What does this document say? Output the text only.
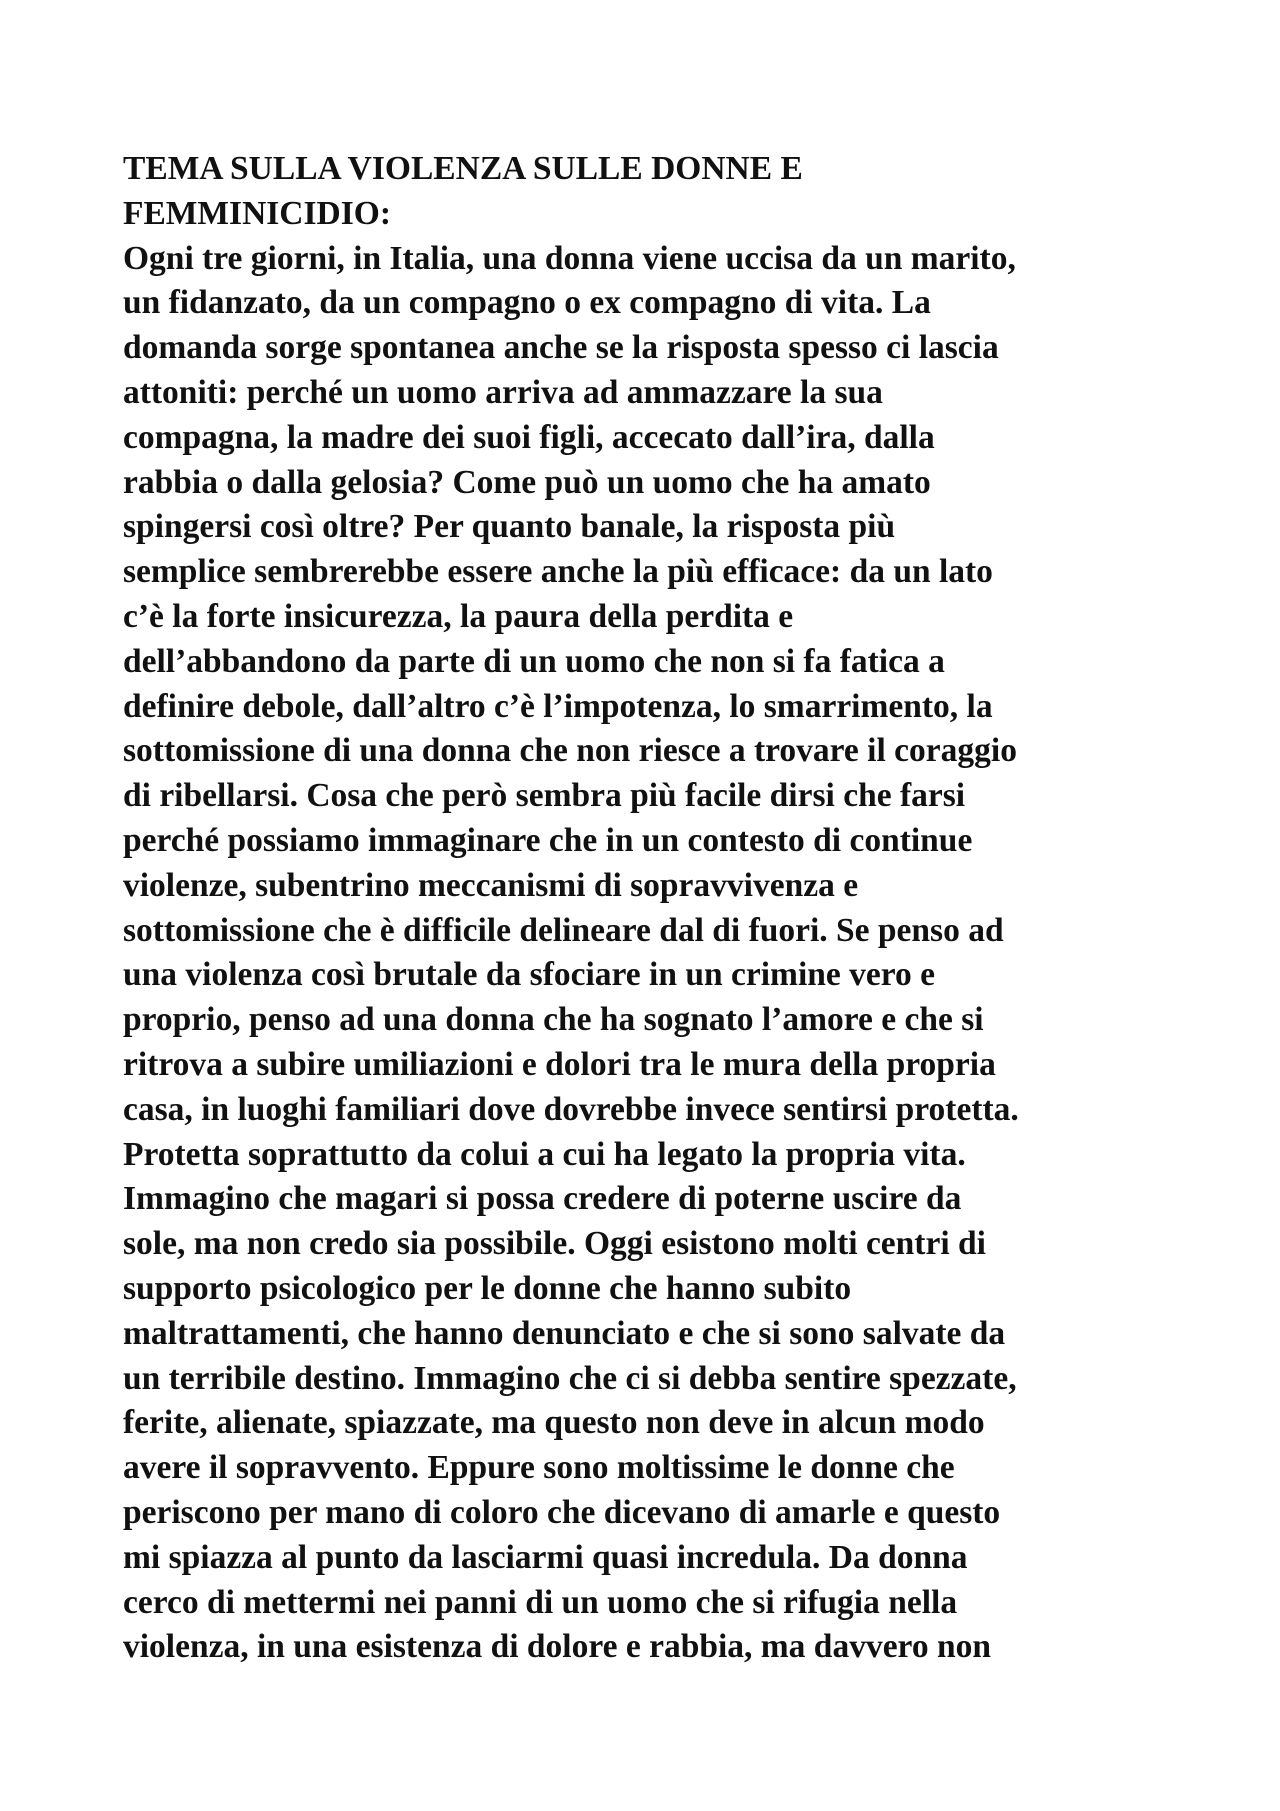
TEMA SULLA VIOLENZA SULLE DONNE E
FEMMINICIDIO:
Ogni tre giorni, in Italia, una donna viene uccisa da un marito,
un fidanzato, da un compagno o ex compagno di vita. La
domanda sorge spontanea anche se la risposta spesso ci lascia
attoniti: perché un uomo arriva ad ammazzare la sua
compagna, la madre dei suoi figli, accecato dall’ira, dalla
rabbia o dalla gelosia? Come può un uomo che ha amato
spingersi così oltre? Per quanto banale, la risposta più
semplice sembrerebbe essere anche la più efficace: da un lato
c’è la forte insicurezza, la paura della perdita e
dell’abbandono da parte di un uomo che non si fa fatica a
definire debole, dall’altro c’è l’impotenza, lo smarrimento, la
sottomissione di una donna che non riesce a trovare il coraggio
di ribellarsi. Cosa che però sembra più facile dirsi che farsi
perché possiamo immaginare che in un contesto di continue
violenze, subentrino meccanismi di sopravvivenza e
sottomissione che è difficile delineare dal di fuori. Se penso ad
una violenza così brutale da sfociare in un crimine vero e
proprio, penso ad una donna che ha sognato l’amore e che si
ritrova a subire umiliazioni e dolori tra le mura della propria
casa, in luoghi familiari dove dovrebbe invece sentirsi protetta.
Protetta soprattutto da colui a cui ha legato la propria vita.
Immagino che magari si possa credere di poterne uscire da
sole, ma non credo sia possibile. Oggi esistono molti centri di
supporto psicologico per le donne che hanno subito
maltrattamenti, che hanno denunciato e che si sono salvate da
un terribile destino. Immagino che ci si debba sentire spezzate,
ferite, alienate, spiazzate, ma questo non deve in alcun modo
avere il sopravvento. Eppure sono moltissime le donne che
periscono per mano di coloro che dicevano di amarle e questo
mi spiazza al punto da lasciarmi quasi incredula. Da donna
cerco di mettermi nei panni di un uomo che si rifugia nella
violenza, in una esistenza di dolore e rabbia, ma davvero non
